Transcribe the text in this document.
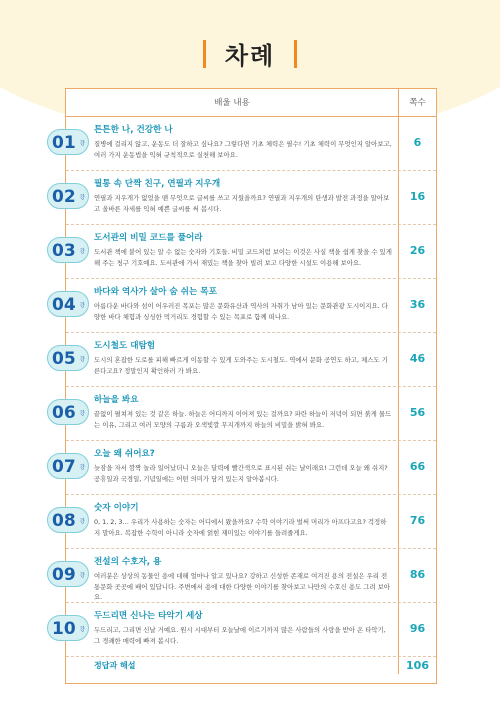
차례
배울 내용	쪽수
01 강
튼튼한 나, 건강한 나
질병에 걸리지 않고, 운동도 더 잘하고 싶나요? 그렇다면 기초 체력은 필수! 기초 체력이 무엇인지 알아보고, 여러 가지 운동법을 익혀 규칙적으로 실천해 보아요.
6
02 강
필통 속 단짝 친구, 연필과 지우개
연필과 지우개가 없었을 땐 무엇으로 글씨를 쓰고 지웠을까요? 연필과 지우개의 탄생과 발전 과정을 알아보고 올바른 자세를 익혀 예쁜 글씨를 써 봅시다.
16
03 강
도서관의 비밀 코드를 풀어라
도서관 책에 붙어 있는 알 수 없는 숫자와 기호들. 비밀 코드처럼 보이는 이것은 사실 책을 쉽게 찾을 수 있게 해 주는 청구 기호예요. 도서관에 가서 재밌는 책을 찾아 빌려 보고 다양한 시설도 이용해 보아요.
26
04 강
바다와 역사가 살아 숨 쉬는 목포
아름다운 바다와 섬이 어우러진 목포는 많은 문화유산과 역사의 자취가 남아 있는 문화관광 도시이지요. 다양한 바다 체험과 싱싱한 먹거리도 경험할 수 있는 목포로 함께 떠나요.
36
05 강
도시철도 대탐험
도시의 혼잡한 도로를 피해 빠르게 이동할 수 있게 도와주는 도시철도. 역에서 문화 공연도 하고, 체스도 기른다고요? 정말인지 확인하러 가 봐요.
46
06 강
하늘을 봐요
끝없이 펼쳐져 있는 것 같은 하늘. 하늘은 어디까지 이어져 있는 걸까요? 파란 하늘이 저녁이 되면 붉게 물드는 이유, 그리고 여러 모양의 구름과 오색빛깔 무지개까지 하늘의 비밀을 밝혀 봐요.
56
07 강
오늘 왜 쉬어요?
늦잠을 자서 깜짝 놀라 일어났더니 오늘은 달력에 빨간색으로 표시된 쉬는 날이래요! 그런데 오늘 왜 쉬지? 공휴일과 국경일, 기념일에는 어떤 의미가 담겨 있는지 알아봅시다.
66
08 강
숫자 이야기
0, 1, 2, 3… 우리가 사용하는 숫자는 어디에서 왔을까요? 수학 이야기라 벌써 머리가 아프다고요? 걱정하지 말아요. 복잡한 수학이 아니라 숫자에 얽힌 재미있는 이야기를 들려줄게요.
76
09 강
전설의 수호자, 용
여러분은 상상의 동물인 용에 대해 얼마나 알고 있나요? 강하고 신성한 존재로 여겨진 용의 전설은 우리 전통문화 곳곳에 배어 있답니다. 주변에서 용에 대한 다양한 이야기를 찾아보고 나만의 수호신 용도 그려 보아요.
86
10 강
두드리면 신나는 타악기 세상
두드리고, 그리면 신날 거예요. 원시 시대부터 오늘날에 이르기까지 많은 사람들의 사랑을 받아 온 타악기, 그 경쾌한 매력에 빠져 봅시다.
96
정답과 해설	106
